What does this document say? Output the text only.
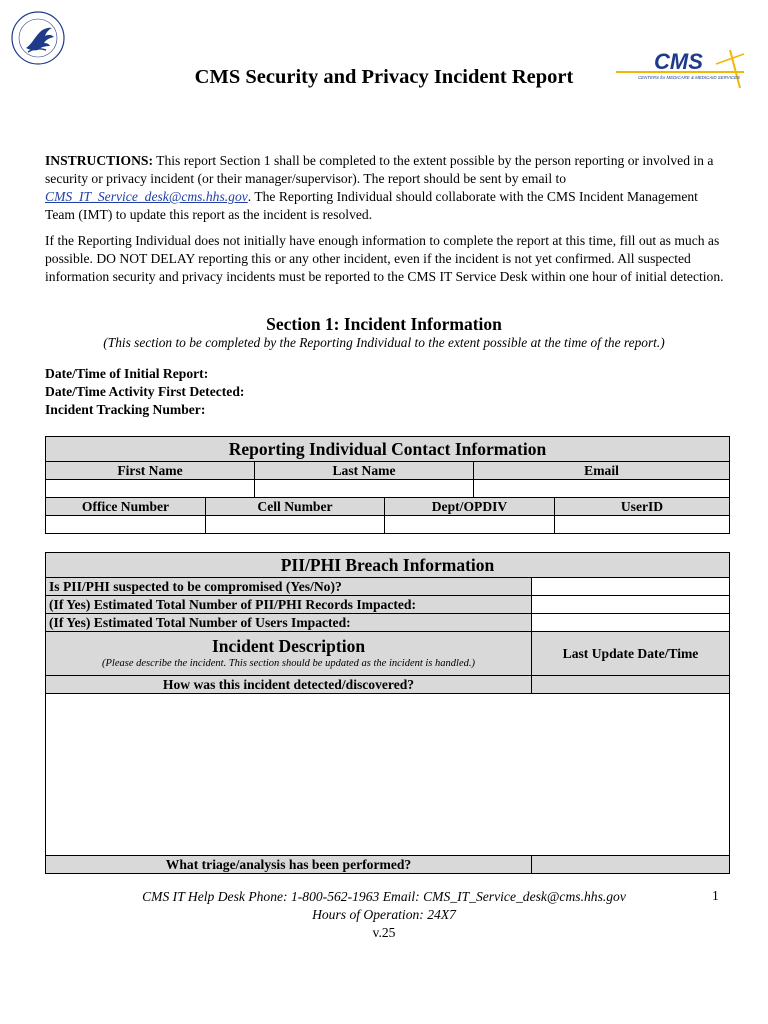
CMS Security and Privacy Incident Report
CMS
CENTERS for MEDICARE & MEDICAID SERVICES
INSTRUCTIONS: This report Section 1 shall be completed to the extent possible by the person reporting or involved in a security or privacy incident (or their manager/supervisor). The report should be sent by email to CMS_IT_Service_desk@cms.hhs.gov. The Reporting Individual should collaborate with the CMS Incident Management Team (IMT) to update this report as the incident is resolved.
If the Reporting Individual does not initially have enough information to complete the report at this time, fill out as much as possible. DO NOT DELAY reporting this or any other incident, even if the incident is not yet confirmed. All suspected information security and privacy incidents must be reported to the CMS IT Service Desk within one hour of initial detection.
Section 1: Incident Information
(This section to be completed by the Reporting Individual to the extent possible at the time of the report.)
Date/Time of Initial Report:
Date/Time Activity First Detected:
Incident Tracking Number:
Reporting Individual Contact Information		
First Name	Last Name	Email

Office Number	Cell Number	Dept/OPDIV	UserID

PII/PHI Breach Information	
Is PII/PHI suspected to be compromised (Yes/No)?	
(If Yes) Estimated Total Number of PII/PHI Records Impacted:	
(If Yes) Estimated Total Number of Users Impacted:	

Incident Description
(Please describe the incident. This section should be updated as the incident is handled.)	Last Update Date/Time
How was this incident detected/discovered?	

What triage/analysis has been performed?	
CMS IT Help Desk Phone: 1-800-562-1963 Email: CMS_IT_Service_desk@cms.hhs.gov
Hours of Operation: 24X7
v.25
1
